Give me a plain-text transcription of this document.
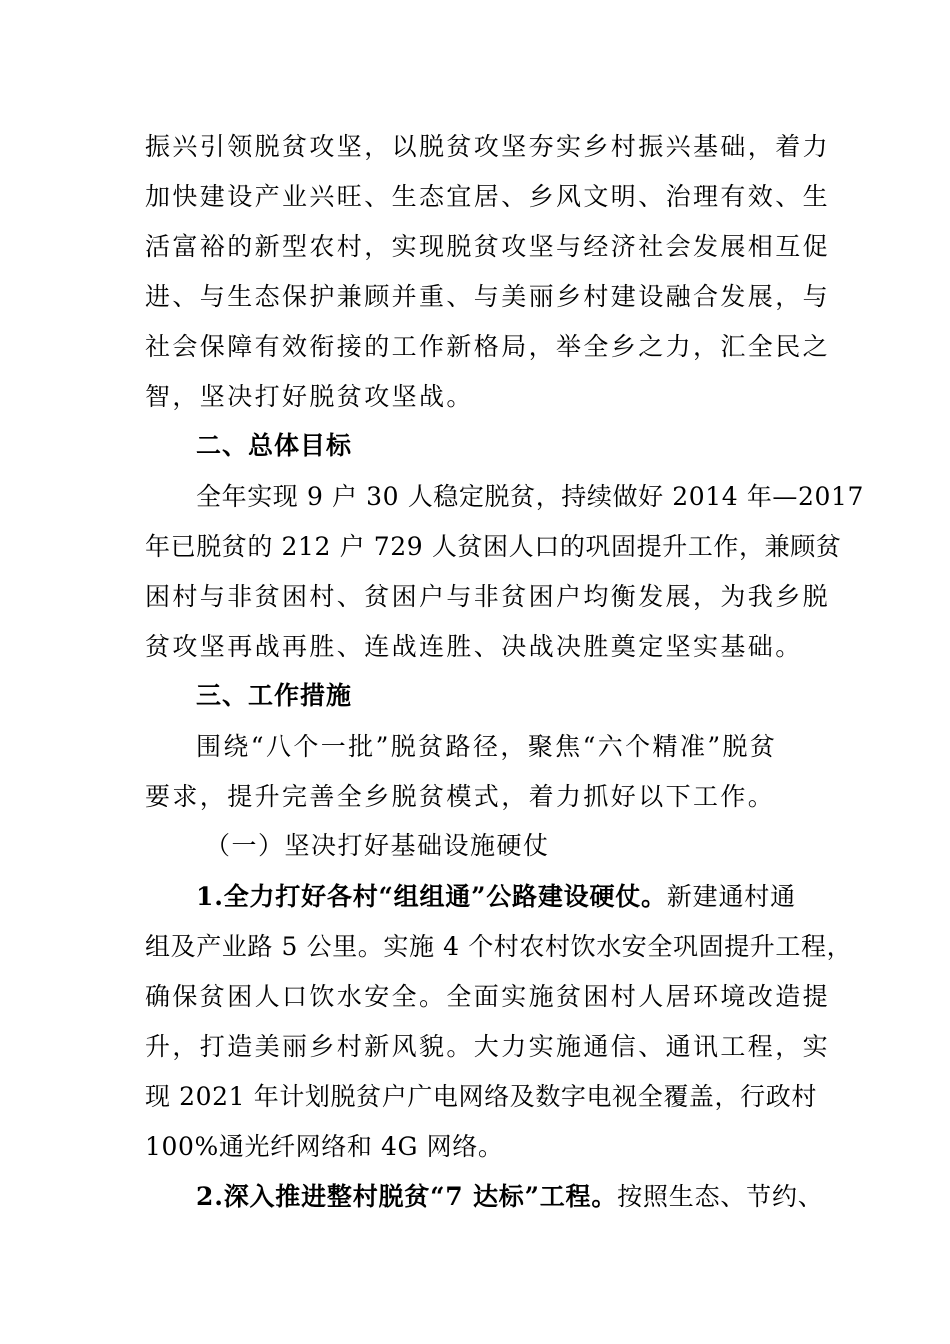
振兴引领脱贫攻坚，以脱贫攻坚夯实乡村振兴基础，着力
加快建设产业兴旺、生态宜居、乡风文明、治理有效、生
活富裕的新型农村，实现脱贫攻坚与经济社会发展相互促
进、与生态保护兼顾并重、与美丽乡村建设融合发展，与
社会保障有效衔接的工作新格局，举全乡之力，汇全民之
智，坚决打好脱贫攻坚战。
二、总体目标
全年实现 9 户 30 人稳定脱贫，持续做好 2014 年—2017
年已脱贫的 212 户 729 人贫困人口的巩固提升工作，兼顾贫
困村与非贫困村、贫困户与非贫困户均衡发展，为我乡脱
贫攻坚再战再胜、连战连胜、决战决胜奠定坚实基础。
三、工作措施
围绕“八个一批”脱贫路径，聚焦“六个精准”脱贫
要求，提升完善全乡脱贫模式，着力抓好以下工作。
（一）坚决打好基础设施硬仗
1.全力打好各村“组组通”公路建设硬仗。新建通村通
组及产业路 5 公里。实施 4 个村农村饮水安全巩固提升工程，
确保贫困人口饮水安全。全面实施贫困村人居环境改造提
升，打造美丽乡村新风貌。大力实施通信、通讯工程，实
现 2021 年计划脱贫户广电网络及数字电视全覆盖，行政村
100%通光纤网络和 4G 网络。
2.深入推进整村脱贫“7 达标”工程。按照生态、节约、
